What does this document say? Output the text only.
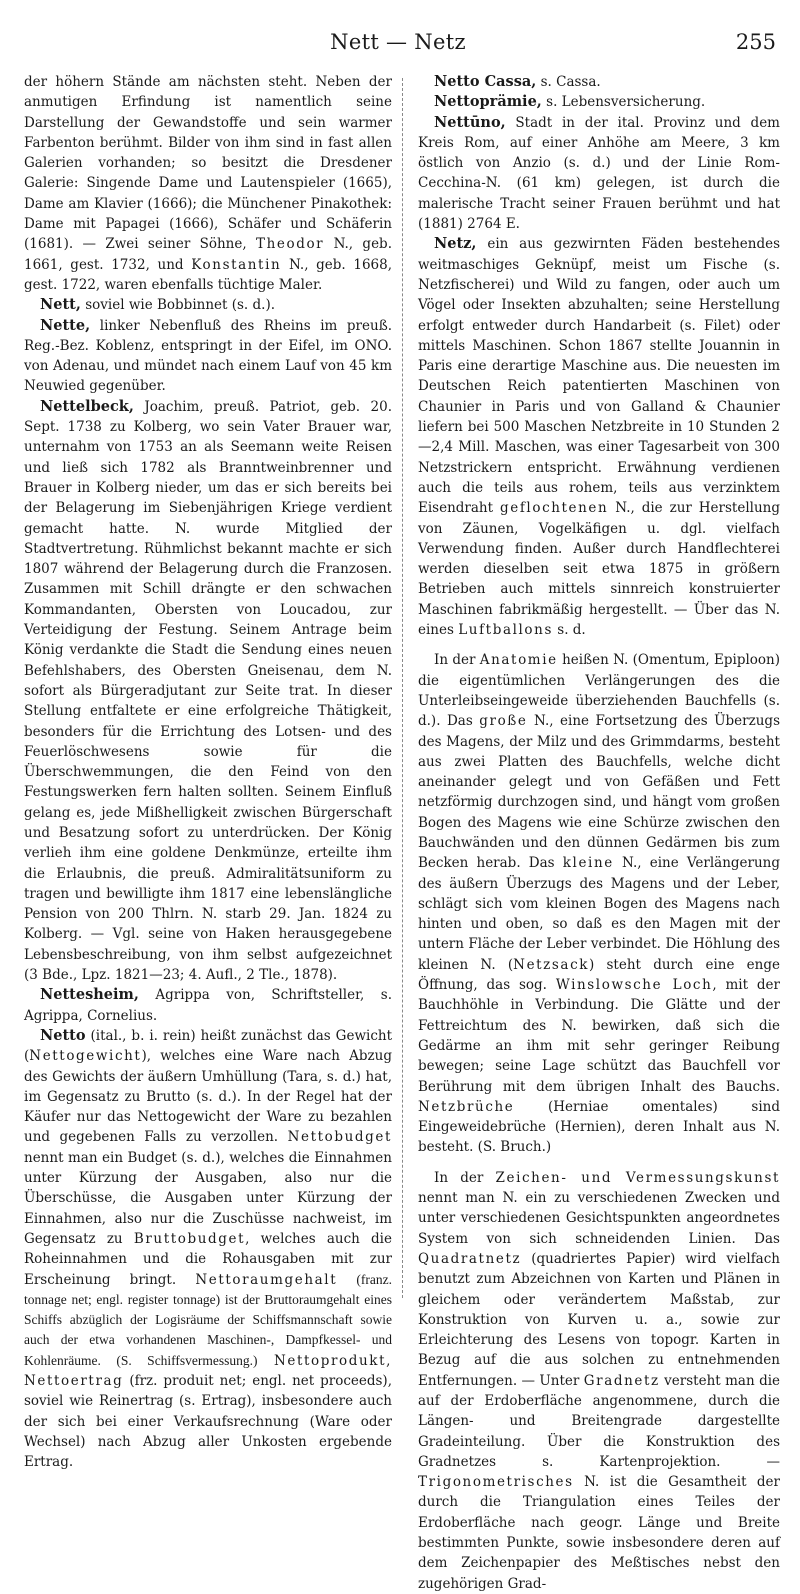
Nett — Netz	255

der höhern Stände am nächsten steht. Neben der anmutigen Erfindung ist namentlich seine Darstellung der Gewandstoffe und sein warmer Farbenton berühmt. Bilder von ihm sind in fast allen Galerien vorhanden; so besitzt die Dresdener Galerie: Singende Dame und Lautenspieler (1665), Dame am Klavier (1666); die Münchener Pinakothek: Dame mit Papagei (1666), Schäfer und Schäferin (1681). — Zwei seiner Söhne, Theodor N., geb. 1661, gest. 1732, und Konstantin N., geb. 1668, gest. 1722, waren ebenfalls tüchtige Maler.

Nett, soviel wie Bobbinnet (s. d.).

Nette, linker Nebenfluß des Rheins im preuß. Reg.-Bez. Koblenz, entspringt in der Eifel, im ONO. von Adenau, und mündet nach einem Lauf von 45 km Neuwied gegenüber.

Nettelbeck, Joachim, preuß. Patriot, geb. 20. Sept. 1738 zu Kolberg, wo sein Vater Brauer war, unternahm von 1753 an als Seemann weite Reisen und ließ sich 1782 als Branntweinbrenner und Brauer in Kolberg nieder, um das er sich bereits bei der Belagerung im Siebenjährigen Kriege verdient gemacht hatte. N. wurde Mitglied der Stadtvertretung. Rühmlichst bekannt machte er sich 1807 während der Belagerung durch die Franzosen. Zusammen mit Schill drängte er den schwachen Kommandanten, Obersten von Loucadou, zur Verteidigung der Festung. Seinem Antrage beim König verdankte die Stadt die Sendung eines neuen Befehlshabers, des Obersten Gneisenau, dem N. sofort als Bürgeradjutant zur Seite trat. In dieser Stellung entfaltete er eine erfolgreiche Thätigkeit, besonders für die Errichtung des Lotsen- und des Feuerlöschwesens sowie für die Überschwemmungen, die den Feind von den Festungswerken fern halten sollten. Seinem Einfluß gelang es, jede Mißhelligkeit zwischen Bürgerschaft und Besatzung sofort zu unterdrücken. Der König verlieh ihm eine goldene Denkmünze, erteilte ihm die Erlaubnis, die preuß. Admiralitätsuniform zu tragen und bewilligte ihm 1817 eine lebenslängliche Pension von 200 Thlrn. N. starb 29. Jan. 1824 zu Kolberg. — Vgl. seine von Haken herausgegebene Lebensbeschreibung, von ihm selbst aufgezeichnet (3 Bde., Lpz. 1821—23; 4. Aufl., 2 Tle., 1878).

Nettesheim, Agrippa von, Schriftsteller, s. Agrippa, Cornelius.

Netto (ital., b. i. rein) heißt zunächst das Gewicht (Nettogewicht), welches eine Ware nach Abzug des Gewichts der äußern Umhüllung (Tara, s. d.) hat, im Gegensatz zu Brutto (s. d.). In der Regel hat der Käufer nur das Nettogewicht der Ware zu bezahlen und gegebenen Falls zu verzollen. Nettobudget nennt man ein Budget (s. d.), welches die Einnahmen unter Kürzung der Ausgaben, also nur die Überschüsse, die Ausgaben unter Kürzung der Einnahmen, also nur die Zuschüsse nachweist, im Gegensatz zu Bruttobudget, welches auch die Roheinnahmen und die Rohausgaben mit zur Erscheinung bringt. Nettoraumgehalt (franz. tonnage net; engl. register tonnage) ist der Bruttoraumgehalt eines Schiffs abzüglich der Logisräume der Schiffsmannschaft sowie auch der etwa vorhandenen Maschinen-, Dampfkessel- und Kohlenräume. (S. Schiffsvermessung.) Nettoprodukt, Nettoertrag (frz. produit net; engl. net proceeds), soviel wie Reinertrag (s. Ertrag), insbesondere auch der sich bei einer Verkaufsrechnung (Ware oder Wechsel) nach Abzug aller Unkosten ergebende Ertrag.

Netto Cassa, s. Cassa.

Nettoprämie, s. Lebensversicherung.

Nettūno, Stadt in der ital. Provinz und dem Kreis Rom, auf einer Anhöhe am Meere, 3 km östlich von Anzio (s. d.) und der Linie Rom-Cecchina-N. (61 km) gelegen, ist durch die malerische Tracht seiner Frauen berühmt und hat (1881) 2764 E.

Netz, ein aus gezwirnten Fäden bestehendes weitmaschiges Geknüpf, meist um Fische (s. Netzfischerei) und Wild zu fangen, oder auch um Vögel oder Insekten abzuhalten; seine Herstellung erfolgt entweder durch Handarbeit (s. Filet) oder mittels Maschinen. Schon 1867 stellte Jouannin in Paris eine derartige Maschine aus. Die neuesten im Deutschen Reich patentierten Maschinen von Chaunier in Paris und von Galland & Chaunier liefern bei 500 Maschen Netzbreite in 10 Stunden 2—2,4 Mill. Maschen, was einer Tagesarbeit von 300 Netzstrickern entspricht. Erwähnung verdienen auch die teils aus rohem, teils aus verzinktem Eisendraht geflochtenen N., die zur Herstellung von Zäunen, Vogelkäfigen u. dgl. vielfach Verwendung finden. Außer durch Handflechterei werden dieselben seit etwa 1875 in größern Betrieben auch mittels sinnreich konstruierter Maschinen fabrikmäßig hergestellt. — Über das N. eines Luftballons s. d.

In der Anatomie heißen N. (Omentum, Epiploon) die eigentümlichen Verlängerungen des die Unterleibseingeweide überziehenden Bauchfells (s. d.). Das große N., eine Fortsetzung des Überzugs des Magens, der Milz und des Grimmdarms, besteht aus zwei Platten des Bauchfells, welche dicht aneinander gelegt und von Gefäßen und Fett netzförmig durchzogen sind, und hängt vom großen Bogen des Magens wie eine Schürze zwischen den Bauchwänden und den dünnen Gedärmen bis zum Becken herab. Das kleine N., eine Verlängerung des äußern Überzugs des Magens und der Leber, schlägt sich vom kleinen Bogen des Magens nach hinten und oben, so daß es den Magen mit der untern Fläche der Leber verbindet. Die Höhlung des kleinen N. (Netzsack) steht durch eine enge Öffnung, das sog. Winslowsche Loch, mit der Bauchhöhle in Verbindung. Die Glätte und der Fettreichtum des N. bewirken, daß sich die Gedärme an ihm mit sehr geringer Reibung bewegen; seine Lage schützt das Bauchfell vor Berührung mit dem übrigen Inhalt des Bauchs. Netzbrüche (Herniae omentales) sind Eingeweidebrüche (Hernien), deren Inhalt aus N. besteht. (S. Bruch.)

In der Zeichen- und Vermessungskunst nennt man N. ein zu verschiedenen Zwecken und unter verschiedenen Gesichtspunkten angeordnetes System von sich schneidenden Linien. Das Quadratnetz (quadriertes Papier) wird vielfach benutzt zum Abzeichnen von Karten und Plänen in gleichem oder verändertem Maßstab, zur Konstruktion von Kurven u. a., sowie zur Erleichterung des Lesens von topogr. Karten in Bezug auf die aus solchen zu entnehmenden Entfernungen. — Unter Gradnetz versteht man die auf der Erdoberfläche angenommene, durch die Längen- und Breitengrade dargestellte Gradeinteilung. Über die Konstruktion des Gradnetzes s. Kartenprojektion. — Trigonometrisches N. ist die Gesamtheit der durch die Triangulation eines Teiles der Erdoberfläche nach geogr. Länge und Breite bestimmten Punkte, sowie insbesondere deren auf dem Zeichenpapier des Meßtisches nebst den zugehörigen Grad-
